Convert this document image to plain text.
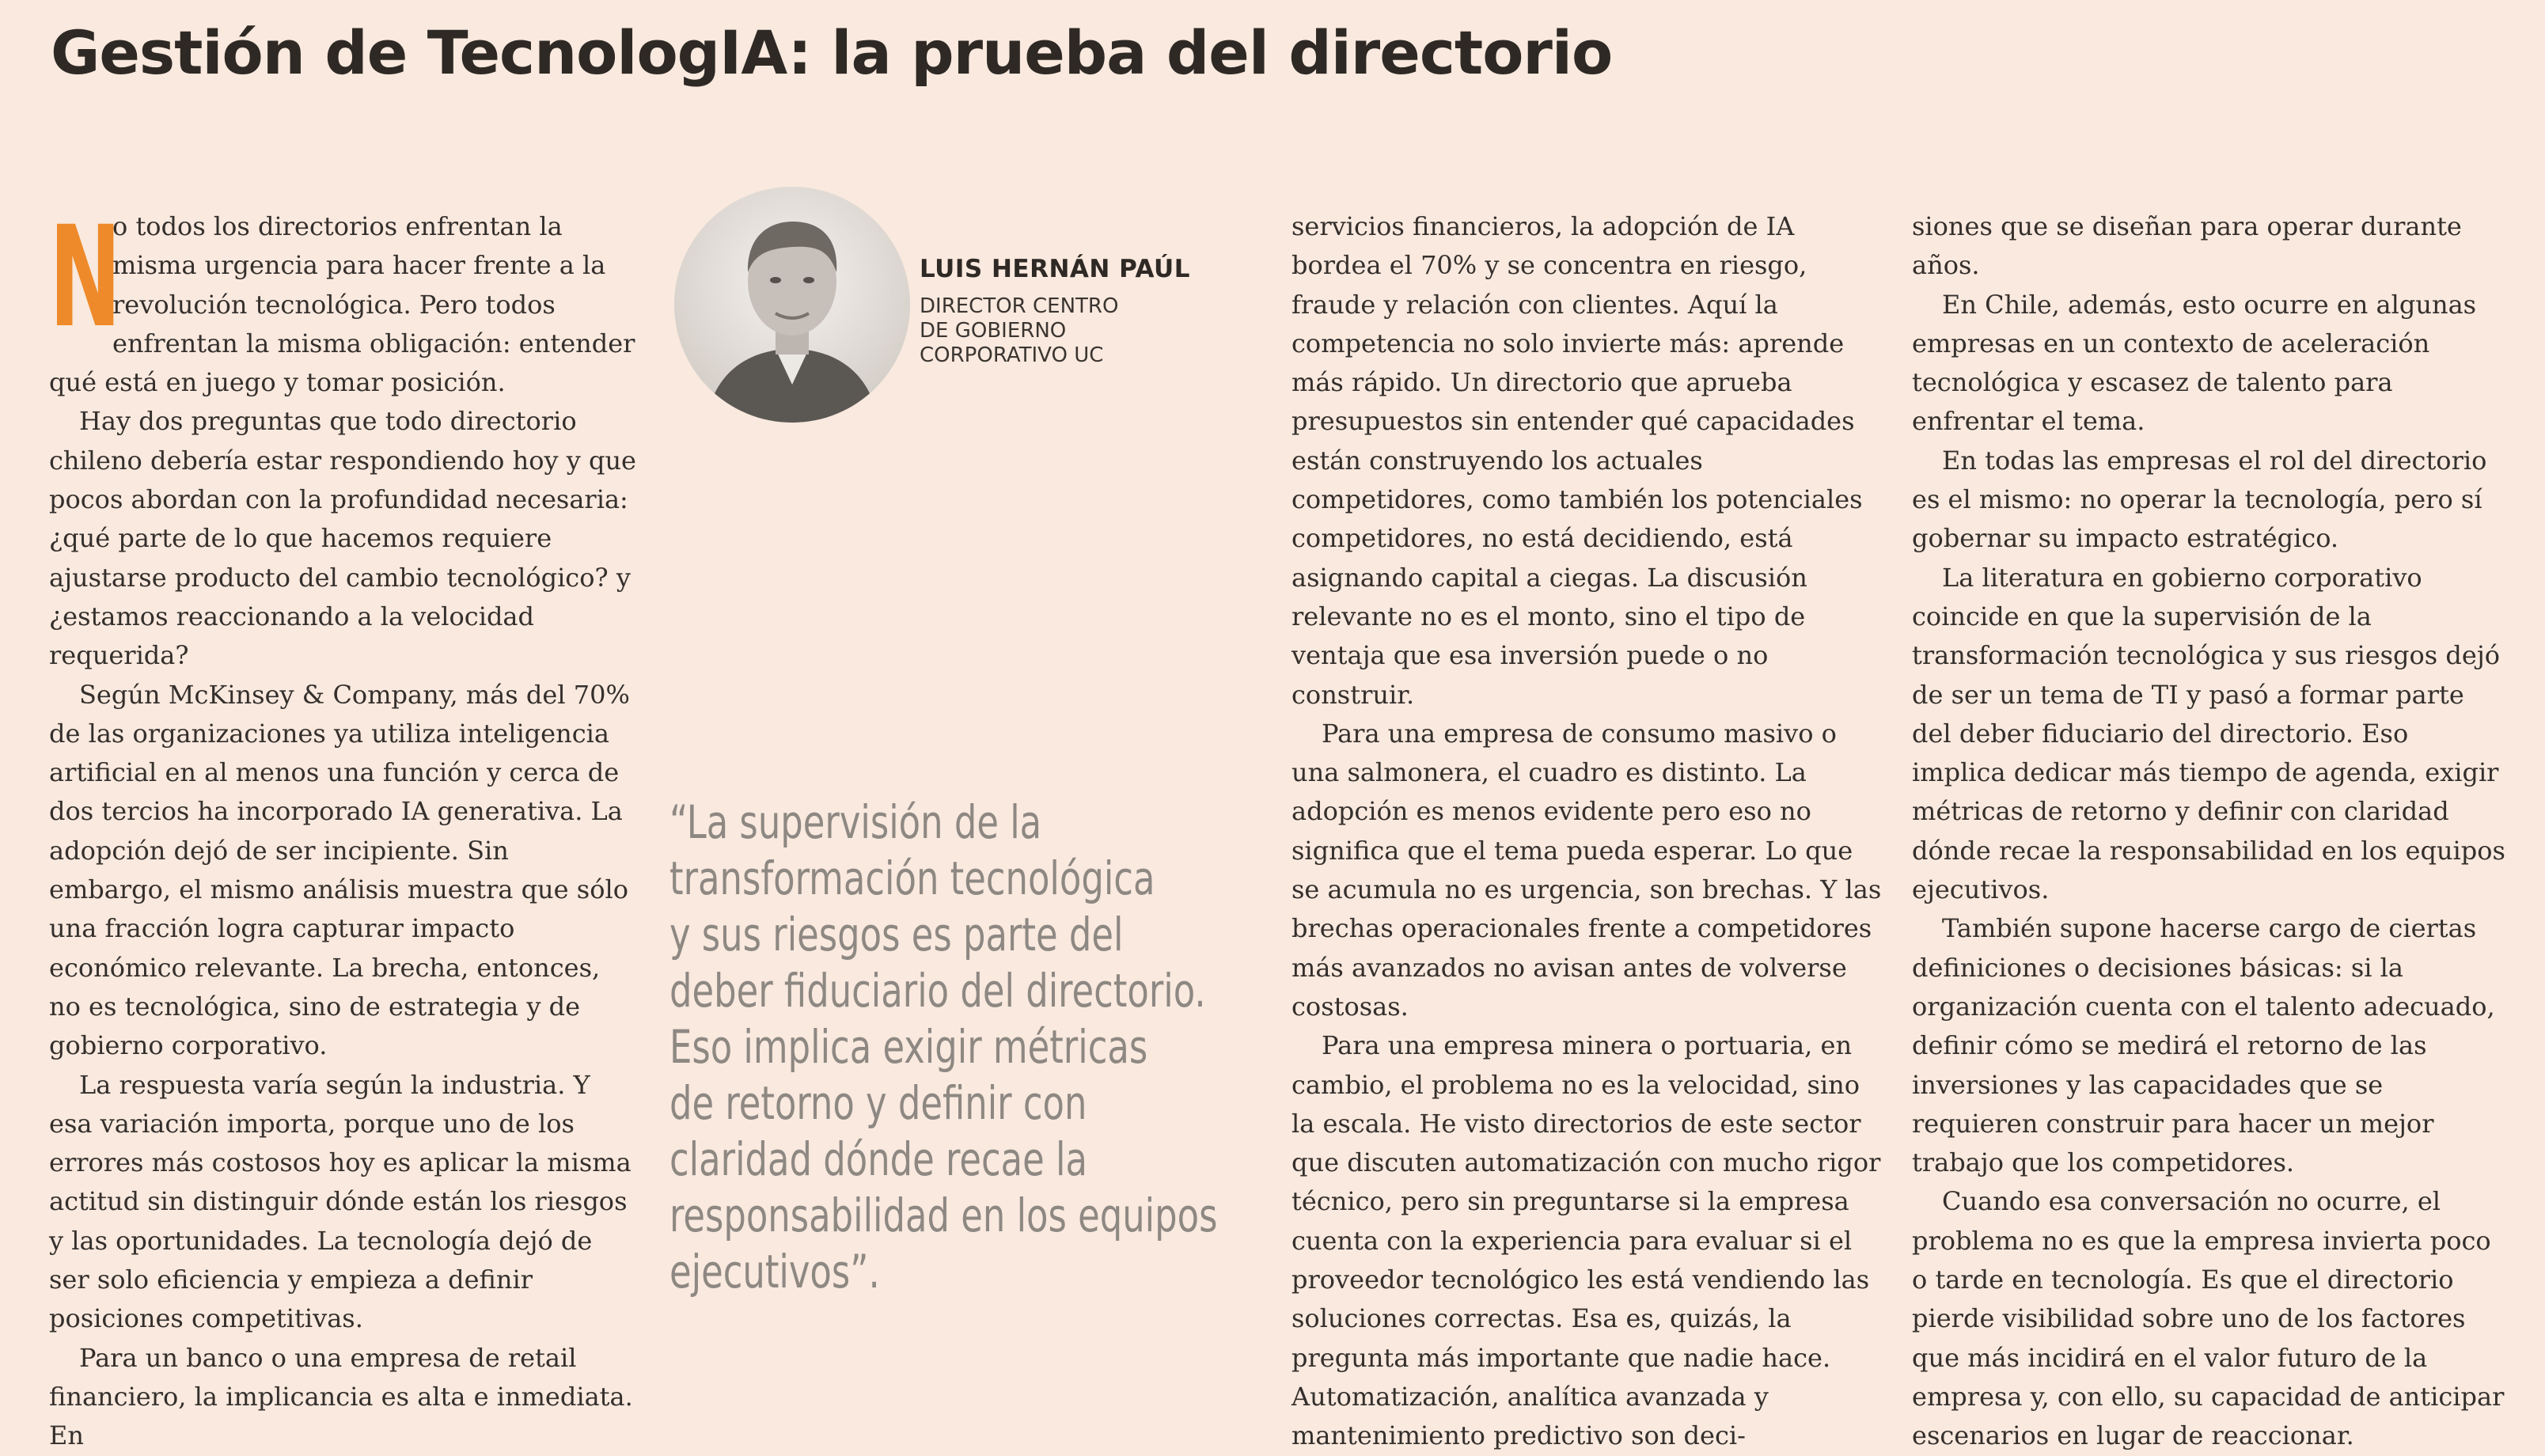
Gestión de TecnologIA: la prueba del directorio

N
o todos los directorios enfrentan la misma urgencia para hacer frente a la revolución tecnológica. Pero todos enfrentan la misma obligación: entender qué está en juego y tomar posición.

Hay dos preguntas que todo directorio chileno debería estar respondiendo hoy y que pocos abordan con la profundidad necesaria: ¿qué parte de lo que hacemos requiere ajustarse producto del cambio tecnológico? y ¿estamos reaccionando a la velocidad requerida?

Según McKinsey & Company, más del 70% de las organizaciones ya utiliza inteligencia artificial en al menos una función y cerca de dos tercios ha incorporado IA generativa. La adopción dejó de ser incipiente. Sin embargo, el mismo análisis muestra que sólo una fracción logra capturar impacto económico relevante. La brecha, entonces, no es tecnológica, sino de estrategia y de gobierno corporativo.

La respuesta varía según la industria. Y esa variación importa, porque uno de los errores más costosos hoy es aplicar la misma actitud sin distinguir dónde están los riesgos y las oportunidades. La tecnología dejó de ser solo eficiencia y empieza a definir posiciones competitivas.

Para un banco o una empresa de retail financiero, la implicancia es alta e inmediata. En

LUIS HERNÁN PAÚL
DIRECTOR CENTRO
DE GOBIERNO
CORPORATIVO UC
“La supervisión de la
transformación tecnológica
y sus riesgos es parte del
deber fiduciario del directorio.
Eso implica exigir métricas
de retorno y definir con
claridad dónde recae la
responsabilidad en los equipos
ejecutivos”.

servicios financieros, la adopción de IA bordea el 70% y se concentra en riesgo, fraude y relación con clientes. Aquí la competencia no solo invierte más: aprende más rápido. Un directorio que aprueba presupuestos sin entender qué capacidades están construyendo los actuales competidores, como también los potenciales competidores, no está decidiendo, está asignando capital a ciegas. La discusión relevante no es el monto, sino el tipo de ventaja que esa inversión puede o no construir.

Para una empresa de consumo masivo o una salmonera, el cuadro es distinto. La adopción es menos evidente pero eso no significa que el tema pueda esperar. Lo que se acumula no es urgencia, son brechas. Y las brechas operacionales frente a competidores más avanzados no avisan antes de volverse costosas.

Para una empresa minera o portuaria, en cambio, el problema no es la velocidad, sino la escala. He visto directorios de este sector que discuten automatización con mucho rigor técnico, pero sin preguntarse si la empresa cuenta con la experiencia para evaluar si el proveedor tecnológico les está vendiendo las soluciones correctas. Esa es, quizás, la pregunta más importante que nadie hace. Automatización, analítica avanzada y mantenimiento predictivo son deci-

siones que se diseñan para operar durante años.

En Chile, además, esto ocurre en algunas empresas en un contexto de aceleración tecnológica y escasez de talento para enfrentar el tema.

En todas las empresas el rol del directorio es el mismo: no operar la tecnología, pero sí gobernar su impacto estratégico.

La literatura en gobierno corporativo coincide en que la supervisión de la transformación tecnológica y sus riesgos dejó de ser un tema de TI y pasó a formar parte del deber fiduciario del directorio. Eso implica dedicar más tiempo de agenda, exigir métricas de retorno y definir con claridad dónde recae la responsabilidad en los equipos ejecutivos.

También supone hacerse cargo de ciertas definiciones o decisiones básicas: si la organización cuenta con el talento adecuado, definir cómo se medirá el retorno de las inversiones y las capacidades que se requieren construir para hacer un mejor trabajo que los competidores.

Cuando esa conversación no ocurre, el problema no es que la empresa invierta poco o tarde en tecnología. Es que el directorio pierde visibilidad sobre uno de los factores que más incidirá en el valor futuro de la empresa y, con ello, su capacidad de anticipar escenarios en lugar de reaccionar.
